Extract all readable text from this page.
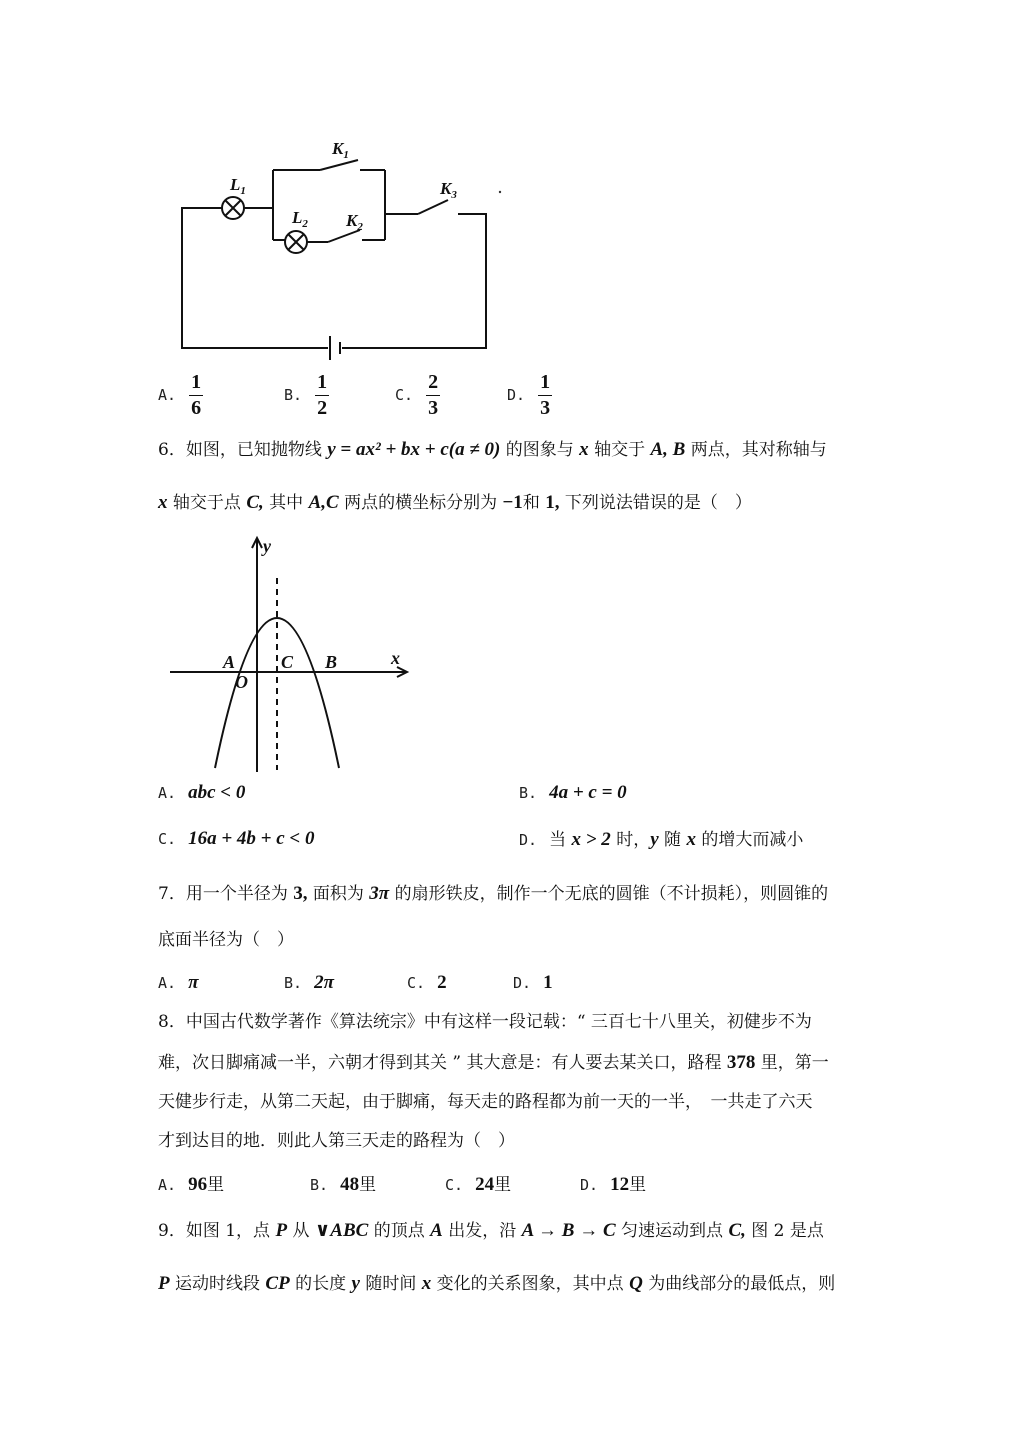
$L_1$
$L_2$
$K_1$
$K_2$
$K_3$
A. $\frac{1}{6}$	B. $\frac{1}{2}$	C. $\frac{2}{3}$	D. $\frac{1}{3}$
6．如图，已知抛物线 y = ax² + bx + c(a ≠ 0) 的图象与 x 轴交于 A, B 两点，其对称轴与
x 轴交于点 C, 其中 A,C 两点的横坐标分别为 −1和 1, 下列说法错误的是（　）
y
x
A
O
C B
A. abc < 0	B. 4a + c = 0
C. 16a + 4b + c < 0	D. 当 x > 2 时，y 随 x 的增大而减小
7．用一个半径为 3, 面积为 3π 的扇形铁皮，制作一个无底的圆锥（不计损耗），则圆锥的
底面半径为（　）
A. π	B. 2π	C. 2	D. 1
8．中国古代数学著作《算法统宗》中有这样一段记载：“ 三百七十八里关，初健步不为
难，次日脚痛减一半，六朝才得到其关 ” 其大意是：有人要去某关口，路程 378 里，第一
天健步行走，从第二天起，由于脚痛，每天走的路程都为前一天的一半，　一共走了六天
才到达目的地．则此人第三天走的路程为（　）
A. 96里	B. 48里	C. 24里	D. 12里
9．如图 1，点 P 从 ∨ABC 的顶点 A 出发，沿 A → B → C 匀速运动到点 C, 图 2 是点
P 运动时线段 CP 的长度 y 随时间 x 变化的关系图象，其中点 Q 为曲线部分的最低点，则
